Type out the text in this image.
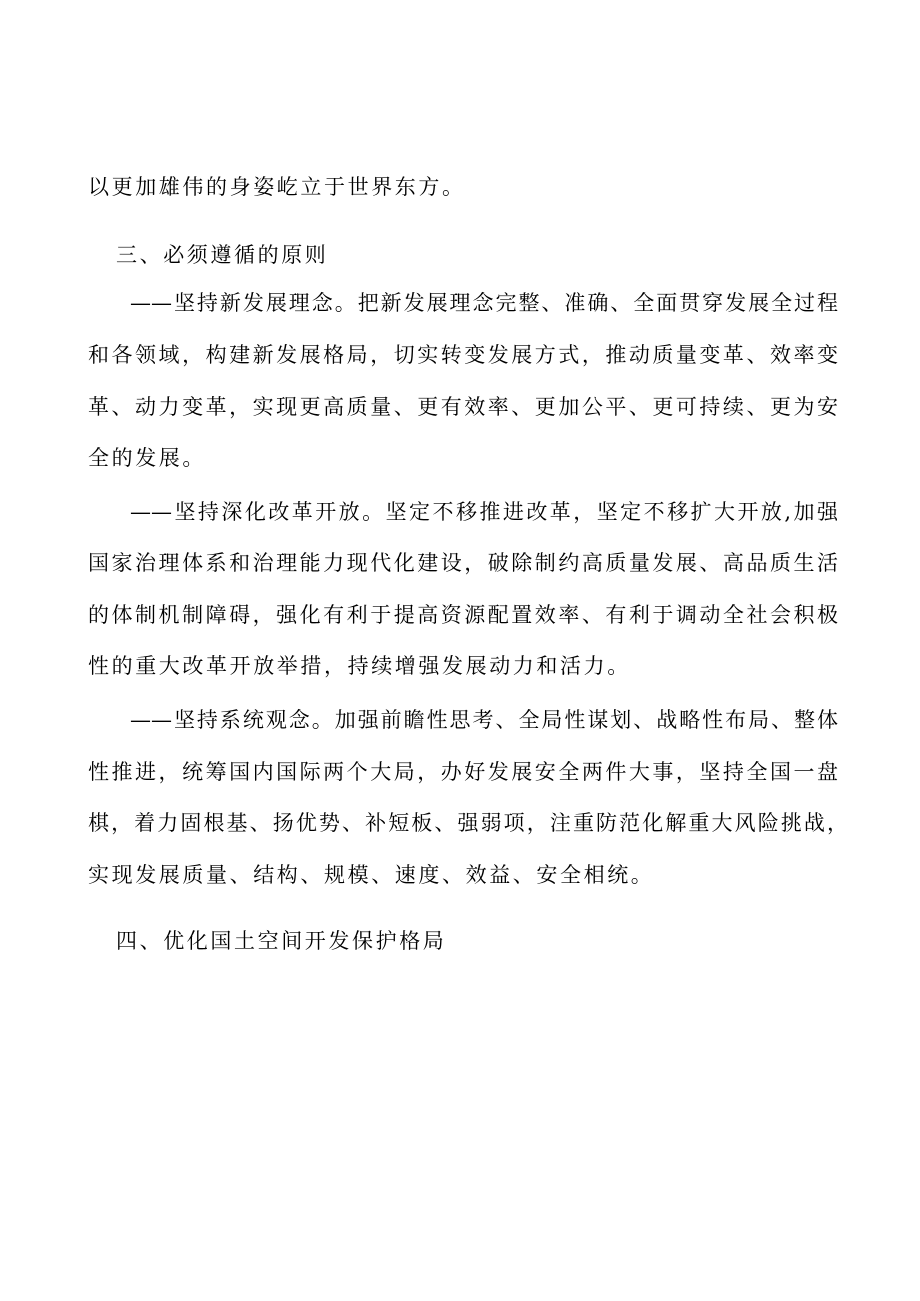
以更加雄伟的身姿屹立于世界东方。
三、必须遵循的原则
——坚持新发展理念。把新发展理念完整、准确、全面贯穿发展全过程
和各领域，构建新发展格局，切实转变发展方式，推动质量变革、效率变
革、动力变革，实现更高质量、更有效率、更加公平、更可持续、更为安
全的发展。
——坚持深化改革开放。坚定不移推进改革，坚定不移扩大开放,加强
国家治理体系和治理能力现代化建设，破除制约高质量发展、高品质生活
的体制机制障碍，强化有利于提高资源配置效率、有利于调动全社会积极
性的重大改革开放举措，持续增强发展动力和活力。
——坚持系统观念。加强前瞻性思考、全局性谋划、战略性布局、整体
性推进，统筹国内国际两个大局，办好发展安全两件大事，坚持全国一盘
棋，着力固根基、扬优势、补短板、强弱项，注重防范化解重大风险挑战，
实现发展质量、结构、规模、速度、效益、安全相统。
四、优化国土空间开发保护格局
